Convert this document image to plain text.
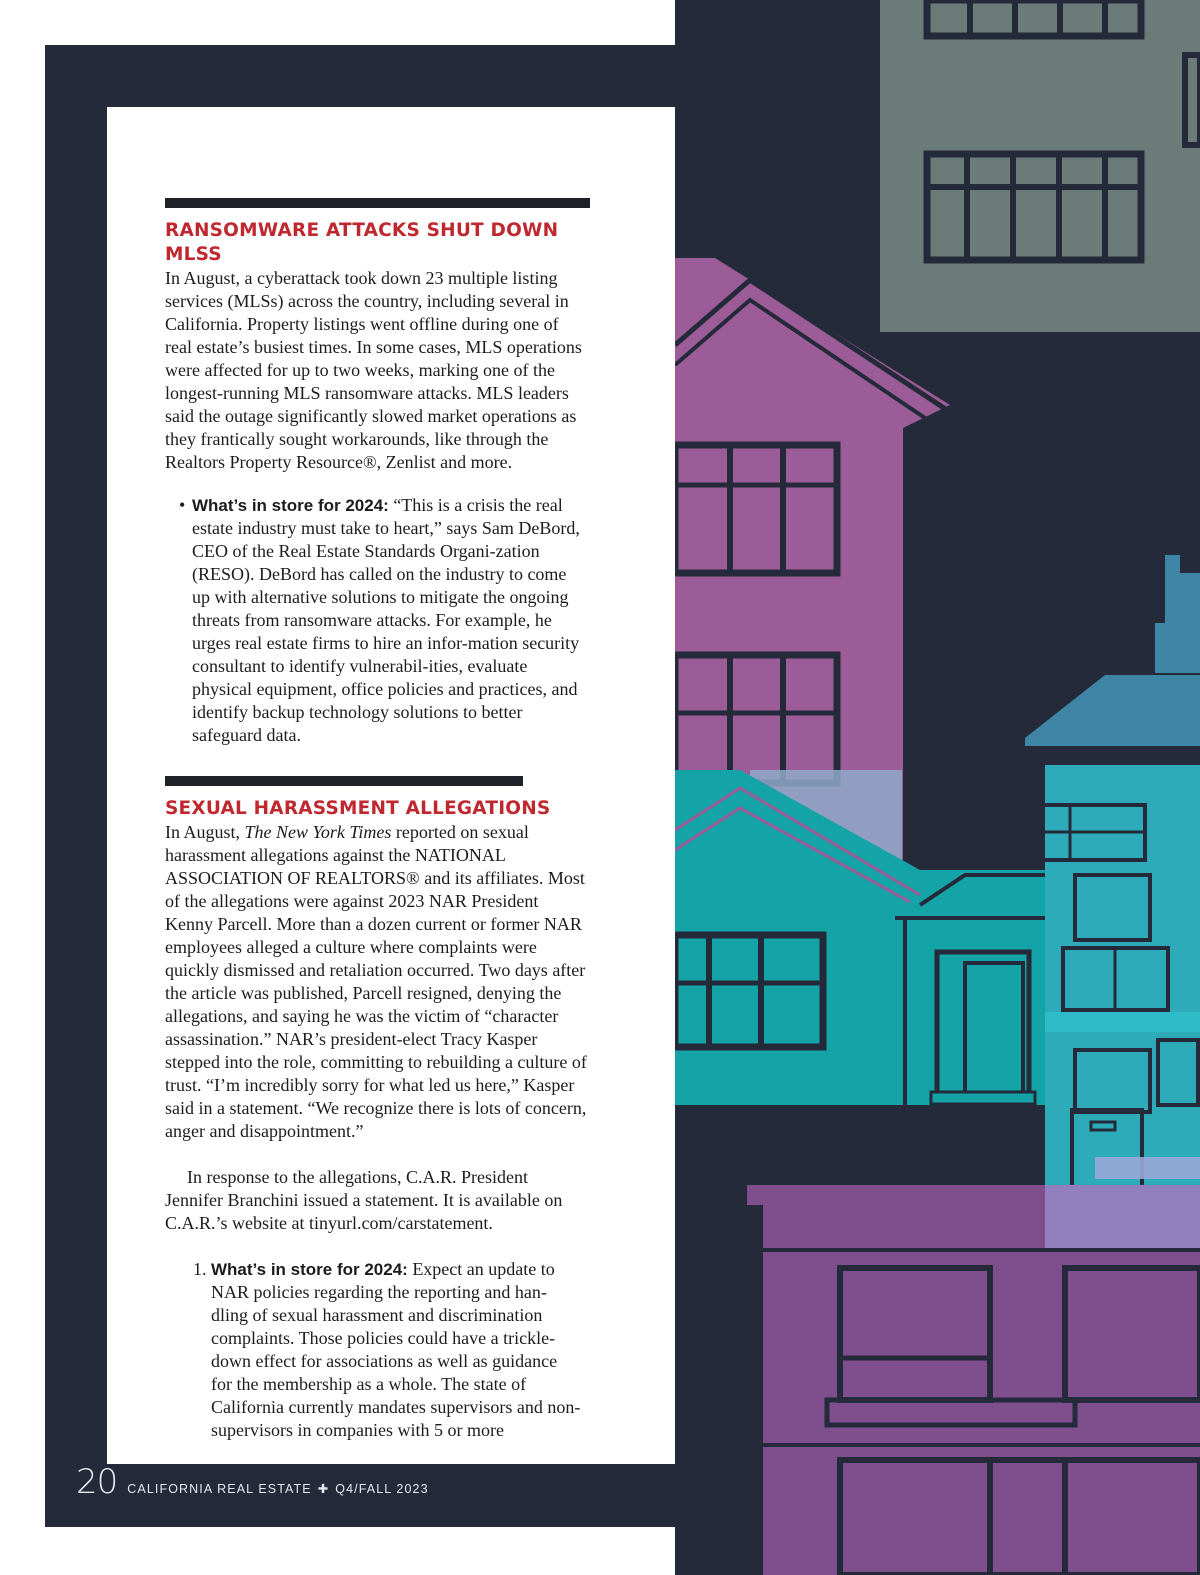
RANSOMWARE ATTACKS SHUT DOWN MLSS

In August, a cyberattack took down 23 multiple listing services (MLSs) across the country, including several in California. Property listings went offline during one of real estate’s busiest times. In some cases, MLS operations were affected for up to two weeks, marking one of the longest-running MLS ransomware attacks. MLS leaders said the outage significantly slowed market operations as they frantically sought workarounds, like through the Realtors Property Resource®, Zenlist and more.

• What’s in store for 2024: “This is a crisis the real estate industry must take to heart,” says Sam DeBord, CEO of the Real Estate Standards Organi-zation (RESO). DeBord has called on the industry to come up with alternative solutions to mitigate the ongoing threats from ransomware attacks. For example, he urges real estate firms to hire an infor-mation security consultant to identify vulnerabil-ities, evaluate physical equipment, office policies and practices, and identify backup technology solutions to better safeguard data.
SEXUAL HARASSMENT ALLEGATIONS

In August, The New York Times reported on sexual harassment allegations against the NATIONAL ASSOCIATION OF REALTORS® and its affiliates. Most of the allegations were against 2023 NAR President Kenny Parcell. More than a dozen current or former NAR employees alleged a culture where complaints were quickly dismissed and retaliation occurred. Two days after the article was published, Parcell resigned, denying the allegations, and saying he was the victim of “character assassination.” NAR’s president-elect Tracy Kasper stepped into the role, committing to rebuilding a culture of trust. “I’m incredibly sorry for what led us here,” Kasper said in a statement. “We recognize there is lots of concern, anger and disappointment.”

In response to the allegations, C.A.R. President Jennifer Branchini issued a statement. It is available on C.A.R.’s website at tinyurl.com/carstatement.

1. What’s in store for 2024: Expect an update to NAR policies regarding the reporting and han-dling of sexual harassment and discrimination complaints. Those policies could have a trickle-down effect for associations as well as guidance for the membership as a whole. The state of California currently mandates supervisors and non-supervisors in companies with 5 or more
20 CALIFORNIA REAL ESTATE ✚ Q4/FALL 2023
